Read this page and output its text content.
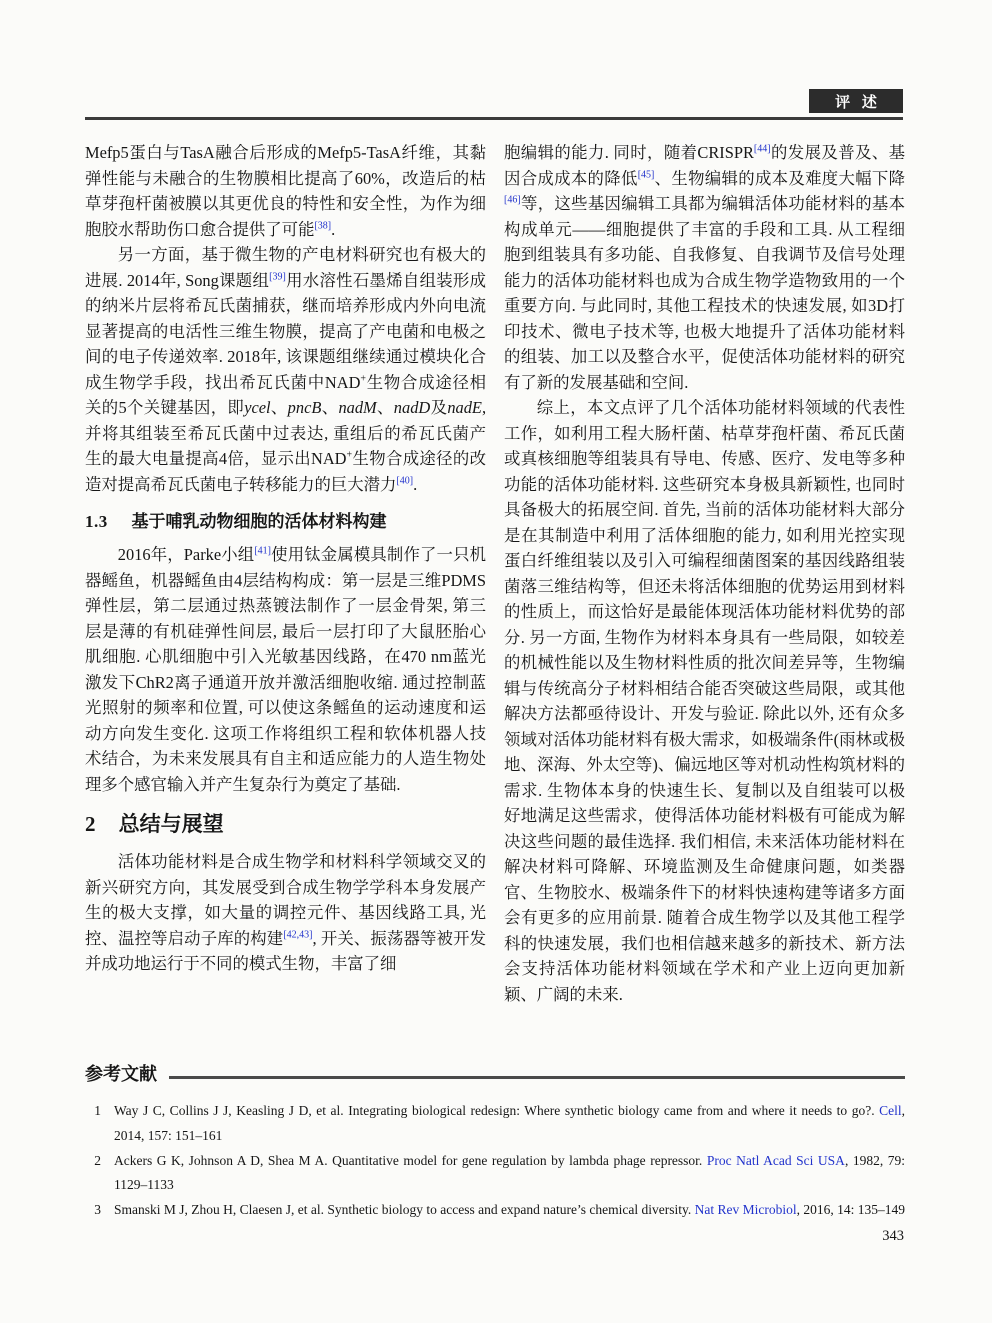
评 述

Mefp5蛋白与TasA融合后形成的Mefp5-TasA纤维，其黏弹性能与未融合的生物膜相比提高了60%，改造后的枯草芽孢杆菌被膜以其更优良的特性和安全性，为作为细胞胶水帮助伤口愈合提供了可能[38].

另一方面，基于微生物的产电材料研究也有极大的进展. 2014年, Song课题组[39]用水溶性石墨烯自组装形成的纳米片层将希瓦氏菌捕获，继而培养形成内外向电流显著提高的电活性三维生物膜，提高了产电菌和电极之间的电子传递效率. 2018年, 该课题组继续通过模块化合成生物学手段，找出希瓦氏菌中NAD+生物合成途径相关的5个关键基因，即ycel、pncB、nadM、nadD及nadE, 并将其组装至希瓦氏菌中过表达, 重组后的希瓦氏菌产生的最大电量提高4倍，显示出NAD+生物合成途径的改造对提高希瓦氏菌电子转移能力的巨大潜力[40].

1.3 基于哺乳动物细胞的活体材料构建

2016年，Parke小组[41]使用钛金属模具制作了一只机器鳐鱼，机器鳐鱼由4层结构构成：第一层是三维PDMS弹性层，第二层通过热蒸镀法制作了一层金骨架, 第三层是薄的有机硅弹性间层, 最后一层打印了大鼠胚胎心肌细胞. 心肌细胞中引入光敏基因线路，在470 nm蓝光激发下ChR2离子通道开放并激活细胞收缩. 通过控制蓝光照射的频率和位置, 可以使这条鳐鱼的运动速度和运动方向发生变化. 这项工作将组织工程和软体机器人技术结合，为未来发展具有自主和适应能力的人造生物处理多个感官输入并产生复杂行为奠定了基础.

2 总结与展望

活体功能材料是合成生物学和材料科学领域交叉的新兴研究方向，其发展受到合成生物学学科本身发展产生的极大支撑，如大量的调控元件、基因线路工具, 光控、温控等启动子库的构建[42,43], 开关、振荡器等被开发并成功地运行于不同的模式生物，丰富了细

胞编辑的能力. 同时，随着CRISPR[44]的发展及普及、基因合成成本的降低[45]、生物编辑的成本及难度大幅下降[46]等，这些基因编辑工具都为编辑活体功能材料的基本构成单元——细胞提供了丰富的手段和工具. 从工程细胞到组装具有多功能、自我修复、自我调节及信号处理能力的活体功能材料也成为合成生物学造物致用的一个重要方向. 与此同时, 其他工程技术的快速发展, 如3D打印技术、微电子技术等, 也极大地提升了活体功能材料的组装、加工以及整合水平，促使活体功能材料的研究有了新的发展基础和空间.

综上，本文点评了几个活体功能材料领域的代表性工作，如利用工程大肠杆菌、枯草芽孢杆菌、希瓦氏菌或真核细胞等组装具有导电、传感、医疗、发电等多种功能的活体功能材料. 这些研究本身极具新颖性, 也同时具备极大的拓展空间. 首先, 当前的活体功能材料大部分是在其制造中利用了活体细胞的能力, 如利用光控实现蛋白纤维组装以及引入可编程细菌图案的基因线路组装菌落三维结构等，但还未将活体细胞的优势运用到材料的性质上，而这恰好是最能体现活体功能材料优势的部分. 另一方面, 生物作为材料本身具有一些局限，如较差的机械性能以及生物材料性质的批次间差异等，生物编辑与传统高分子材料相结合能否突破这些局限，或其他解决方法都亟待设计、开发与验证. 除此以外, 还有众多领域对活体功能材料有极大需求，如极端条件(雨林或极地、深海、外太空等)、偏远地区等对机动性构筑材料的需求. 生物体本身的快速生长、复制以及自组装可以极好地满足这些需求，使得活体功能材料极有可能成为解决这些问题的最佳选择. 我们相信, 未来活体功能材料在解决材料可降解、环境监测及生命健康问题，如类器官、生物胶水、极端条件下的材料快速构建等诸多方面会有更多的应用前景. 随着合成生物学以及其他工程学科的快速发展，我们也相信越来越多的新技术、新方法会支持活体功能材料领域在学术和产业上迈向更加新颖、广阔的未来.

参考文献
1 Way J C, Collins J J, Keasling J D, et al. Integrating biological redesign: Where synthetic biology came from and where it needs to go?. Cell, 2014, 157: 151–161
2 Ackers G K, Johnson A D, Shea M A. Quantitative model for gene regulation by lambda phage repressor. Proc Natl Acad Sci USA, 1982, 79: 1129–1133
3 Smanski M J, Zhou H, Claesen J, et al. Synthetic biology to access and expand nature’s chemical diversity. Nat Rev Microbiol, 2016, 14: 135–149
343
